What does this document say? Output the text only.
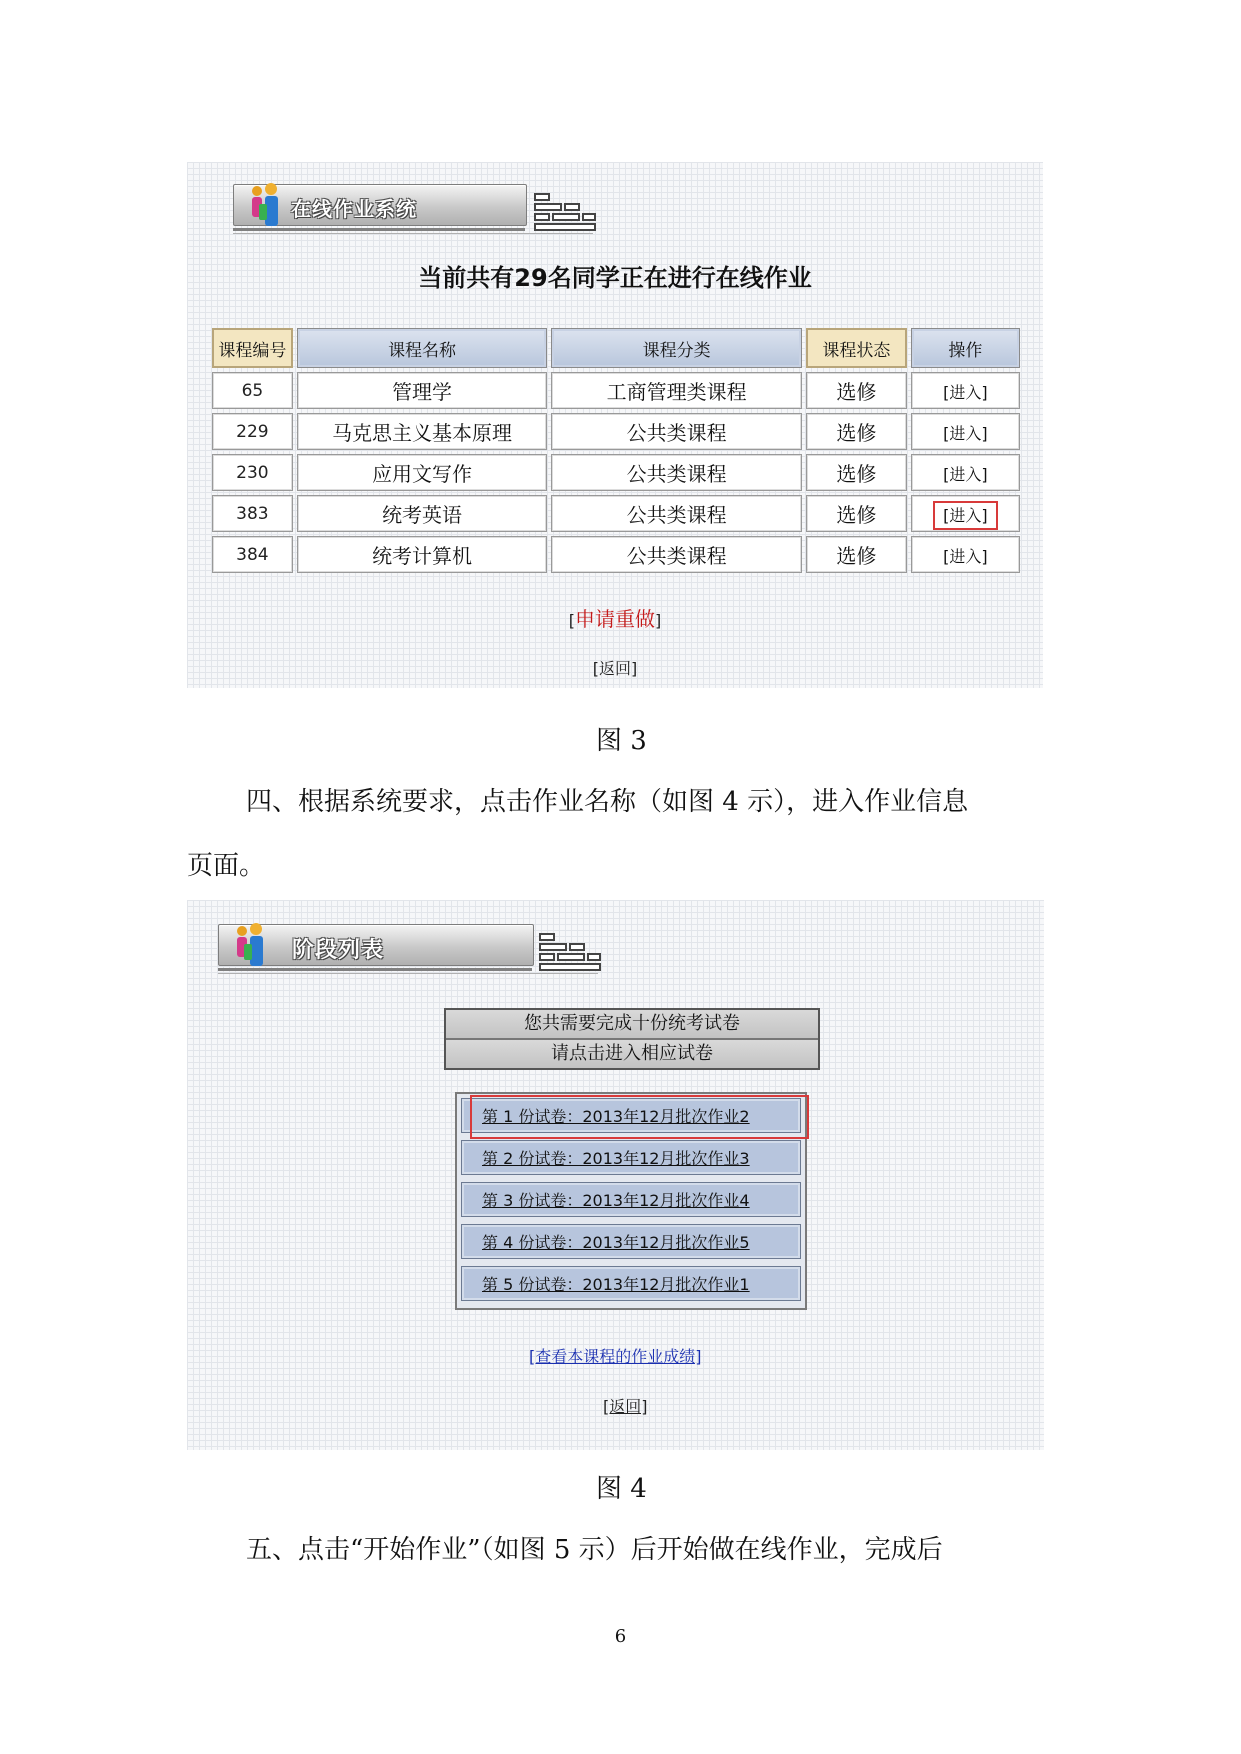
在线作业系统
当前共有29名同学正在进行在线作业
课程编号	课程名称	课程分类	课程状态	操作
65	管理学	工商管理类课程	选修	[进入]
229	马克思主义基本原理	公共类课程	选修	[进入]
230	应用文写作	公共类课程	选修	[进入]
383	统考英语	公共类课程	选修	[进入]
384	统考计算机	公共类课程	选修	[进入]
[申请重做]
[返回]
图 3
四、根据系统要求，点击作业名称（如图 4 示），进入作业信息
页面。
阶段列表
您共需要完成十份统考试卷
请点击进入相应试卷
第 1 份试卷：2013年12月批次作业2
第 2 份试卷：2013年12月批次作业3
第 3 份试卷：2013年12月批次作业4
第 4 份试卷：2013年12月批次作业5
第 5 份试卷：2013年12月批次作业1
[查看本课程的作业成绩]
[返回]
图 4
五、点击“开始作业”（如图 5 示）后开始做在线作业，完成后
6
